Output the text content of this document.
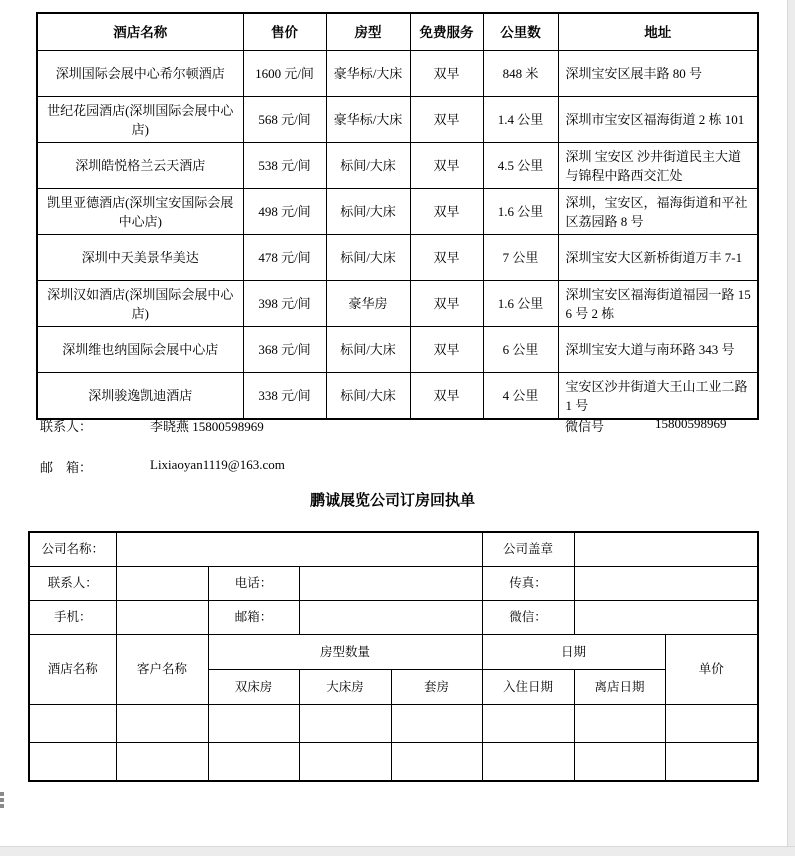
酒店名称	售价	房型	免费服务	公里数	地址
深圳国际会展中心希尔顿酒店	1600 元/间	豪华标/大床	双早	848 米	深圳宝安区展丰路 80 号
世纪花园酒店(深圳国际会展中心店)	568 元/间	豪华标/大床	双早	1.4 公里	深圳市宝安区福海街道 2 栋 101
深圳皓悦格兰云天酒店	538 元/间	标间/大床	双早	4.5 公里	深圳 宝安区 沙井街道民主大道与锦程中路西交汇处
凯里亚德酒店(深圳宝安国际会展中心店)	498 元/间	标间/大床	双早	1.6 公里	深圳，宝安区，福海街道和平社区荔园路 8 号
深圳中天美景华美达	478 元/间	标间/大床	双早	7 公里	深圳宝安大区新桥街道万丰 7-1
深圳汉如酒店(深圳国际会展中心店)	398 元/间	豪华房	双早	1.6 公里	深圳宝安区福海街道福园一路 156 号 2 栋
深圳维也纳国际会展中心店	368 元/间	标间/大床	双早	6 公里	深圳宝安大道与南环路 343 号
深圳骏逸凯迪酒店	338 元/间	标间/大床	双早	4 公里	宝安区沙井街道大王山工业二路 1 号
联系人：	李晓燕 15800598969	微信号	15800598969
邮　箱：	Lixiaoyan1119@163.com
鹏诚展览公司订房回执单
公司名称：					公司盖章		
联系人：		电话：			传真：		
手机：		邮箱：			微信：		
酒店名称	客户名称	房型数量			日期		单价
		双床房	大床房	套房	入住日期	离店日期	
